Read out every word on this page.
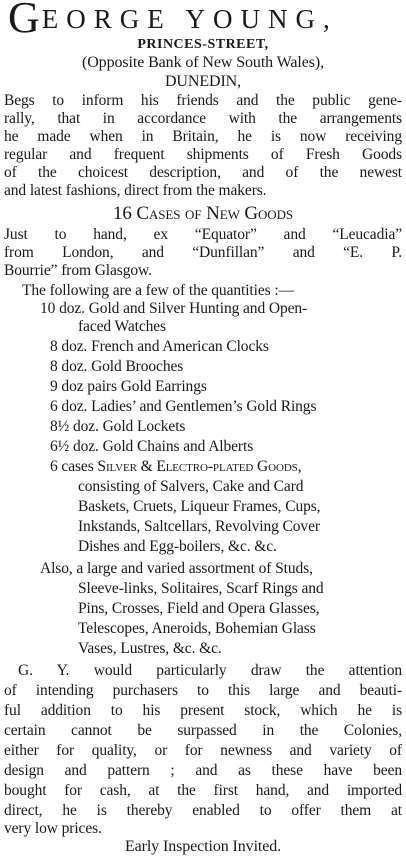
GEORGE YOUNG,
PRINCES-STREET,
(Opposite Bank of New South Wales),
DUNEDIN,
Begs to inform his friends and the public gene-
rally, that in accordance with the arrangements
he made when in Britain, he is now receiving
regular and frequent shipments of Fresh Goods
of the choicest description, and of the newest
and latest fashions, direct from the makers.
16 Cases of New Goods
Just to hand, ex “Equator” and “Leucadia”
from London, and “Dunfillan” and “E. P.
Bourrie” from Glasgow.
The following are a few of the quantities :—
10 doz. Gold and Silver Hunting and Open-
faced Watches
8 doz. French and American Clocks
8 doz. Gold Brooches
9 doz pairs Gold Earrings
6 doz. Ladies’ and Gentlemen’s Gold Rings
8½ doz. Gold Lockets
6½ doz. Gold Chains and Alberts
6 cases Silver & Electro-plated Goods,
consisting of Salvers, Cake and Card
Baskets, Cruets, Liqueur Frames, Cups,
Inkstands, Saltcellars, Revolving Cover
Dishes and Egg-boilers, &c. &c.
Also, a large and varied assortment of Studs,
Sleeve-links, Solitaires, Scarf Rings and
Pins, Crosses, Field and Opera Glasses,
Telescopes, Aneroids, Bohemian Glass
Vases, Lustres, &c. &c.
G. Y. would particularly draw the attention
of intending purchasers to this large and beauti-
ful addition to his present stock, which he is
certain cannot be surpassed in the Colonies,
either for quality, or for newness and variety of
design and pattern ; and as these have been
bought for cash, at the first hand, and imported
direct, he is thereby enabled to offer them at
very low prices.
Early Inspection Invited.
